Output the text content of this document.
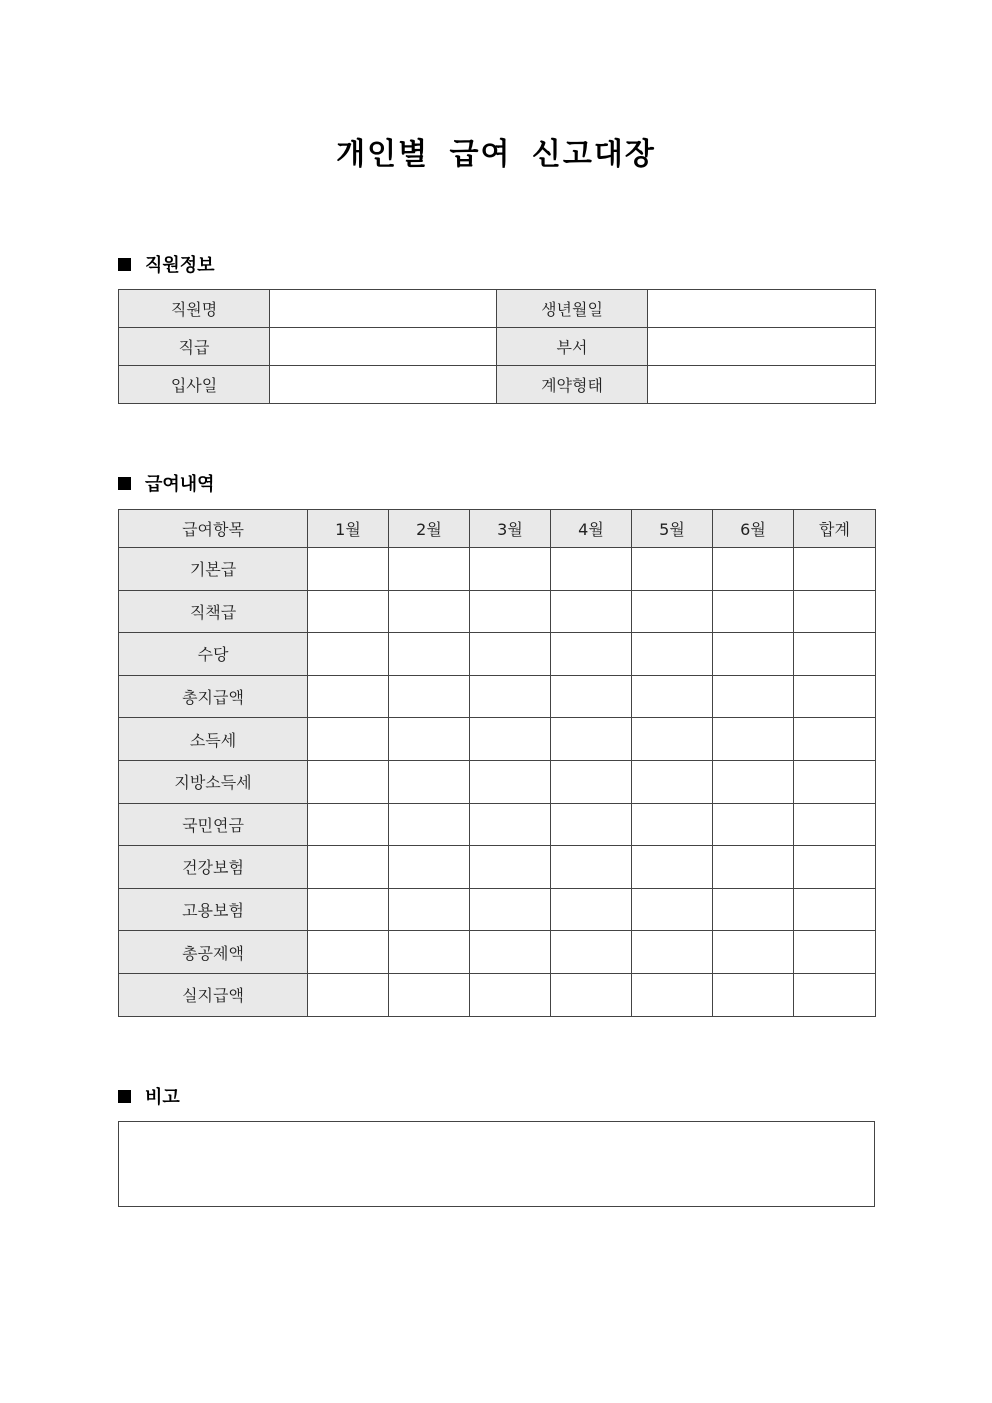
개인별 급여 신고대장
직원정보
직원명		생년월일	
직급		부서	
입사일		계약형태	
급여내역
급여항목	1월	2월	3월	4월	5월	6월	합계
기본급							
직책급							
수당							
총지급액							
소득세							
지방소득세							
국민연금							
건강보험							
고용보험							
총공제액							
실지급액							
비고
